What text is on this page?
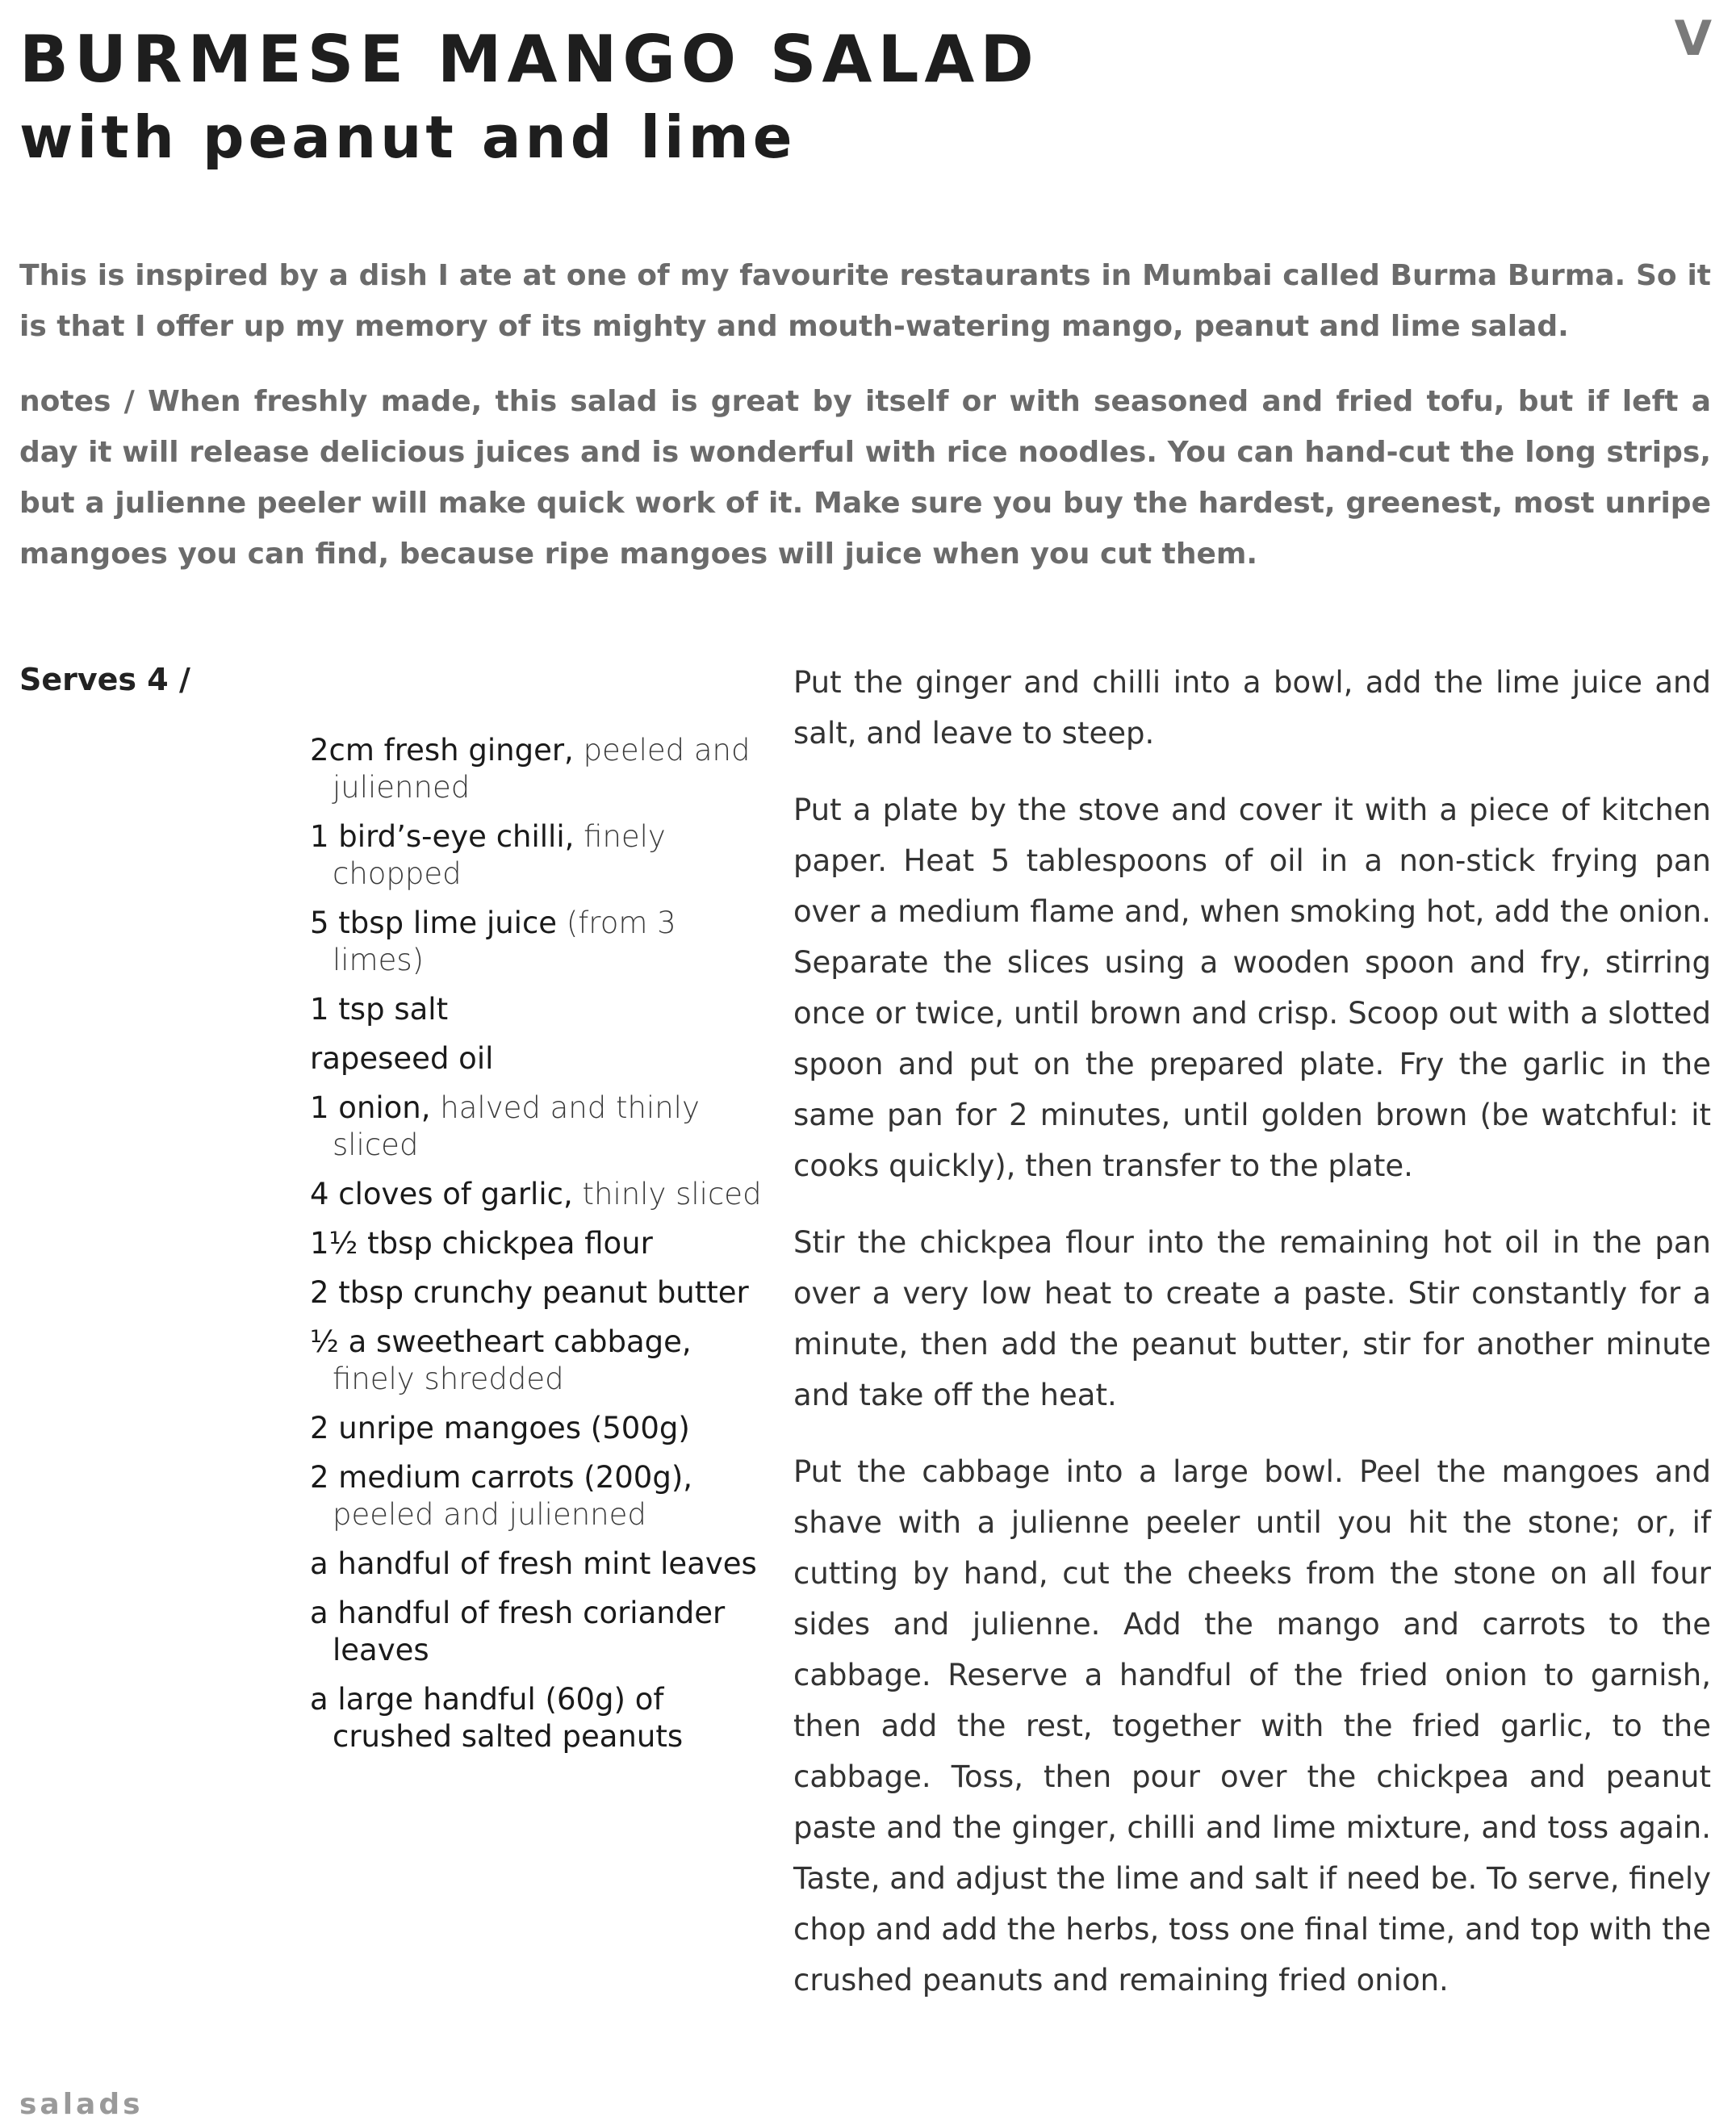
BURMESE MANGO SALAD
with peanut and lime
V

This is inspired by a dish I ate at one of my favourite restaurants in Mumbai called Burma Burma. So it is that I offer up my memory of its mighty and mouth-watering mango, peanut and lime salad.

notes / When freshly made, this salad is great by itself or with seasoned and fried tofu, but if left a day it will release delicious juices and is wonderful with rice noodles. You can hand-cut the long strips, but a julienne peeler will make quick work of it. Make sure you buy the hardest, greenest, most unripe mangoes you can find, because ripe mangoes will juice when you cut them.

Serves 4 /
2cm fresh ginger, peeled and julienned
1 bird’s-eye chilli, finely chopped
5 tbsp lime juice (from 3 limes)
1 tsp salt
rapeseed oil
1 onion, halved and thinly sliced
4 cloves of garlic, thinly sliced
1½ tbsp chickpea flour
2 tbsp crunchy peanut butter
½ a sweetheart cabbage, finely shredded
2 unripe mangoes (500g)
2 medium carrots (200g), peeled and julienned
a handful of fresh mint leaves
a handful of fresh coriander leaves
a large handful (60g) of crushed salted peanuts

Put the ginger and chilli into a bowl, add the lime juice and salt, and leave to steep.

Put a plate by the stove and cover it with a piece of kitchen paper. Heat 5 tablespoons of oil in a non-stick frying pan over a medium flame and, when smoking hot, add the onion. Separate the slices using a wooden spoon and fry, stirring once or twice, until brown and crisp. Scoop out with a slotted spoon and put on the prepared plate. Fry the garlic in the same pan for 2 minutes, until golden brown (be watchful: it cooks quickly), then transfer to the plate.

Stir the chickpea flour into the remaining hot oil in the pan over a very low heat to create a paste. Stir constantly for a minute, then add the peanut butter, stir for another minute and take off the heat.

Put the cabbage into a large bowl. Peel the mangoes and shave with a julienne peeler until you hit the stone; or, if cutting by hand, cut the cheeks from the stone on all four sides and julienne. Add the mango and carrots to the cabbage. Reserve a handful of the fried onion to garnish, then add the rest, together with the fried garlic, to the cabbage. Toss, then pour over the chickpea and peanut paste and the ginger, chilli and lime mixture, and toss again. Taste, and adjust the lime and salt if need be. To serve, finely chop and add the herbs, toss one final time, and top with the crushed peanuts and remaining fried onion.

salads
